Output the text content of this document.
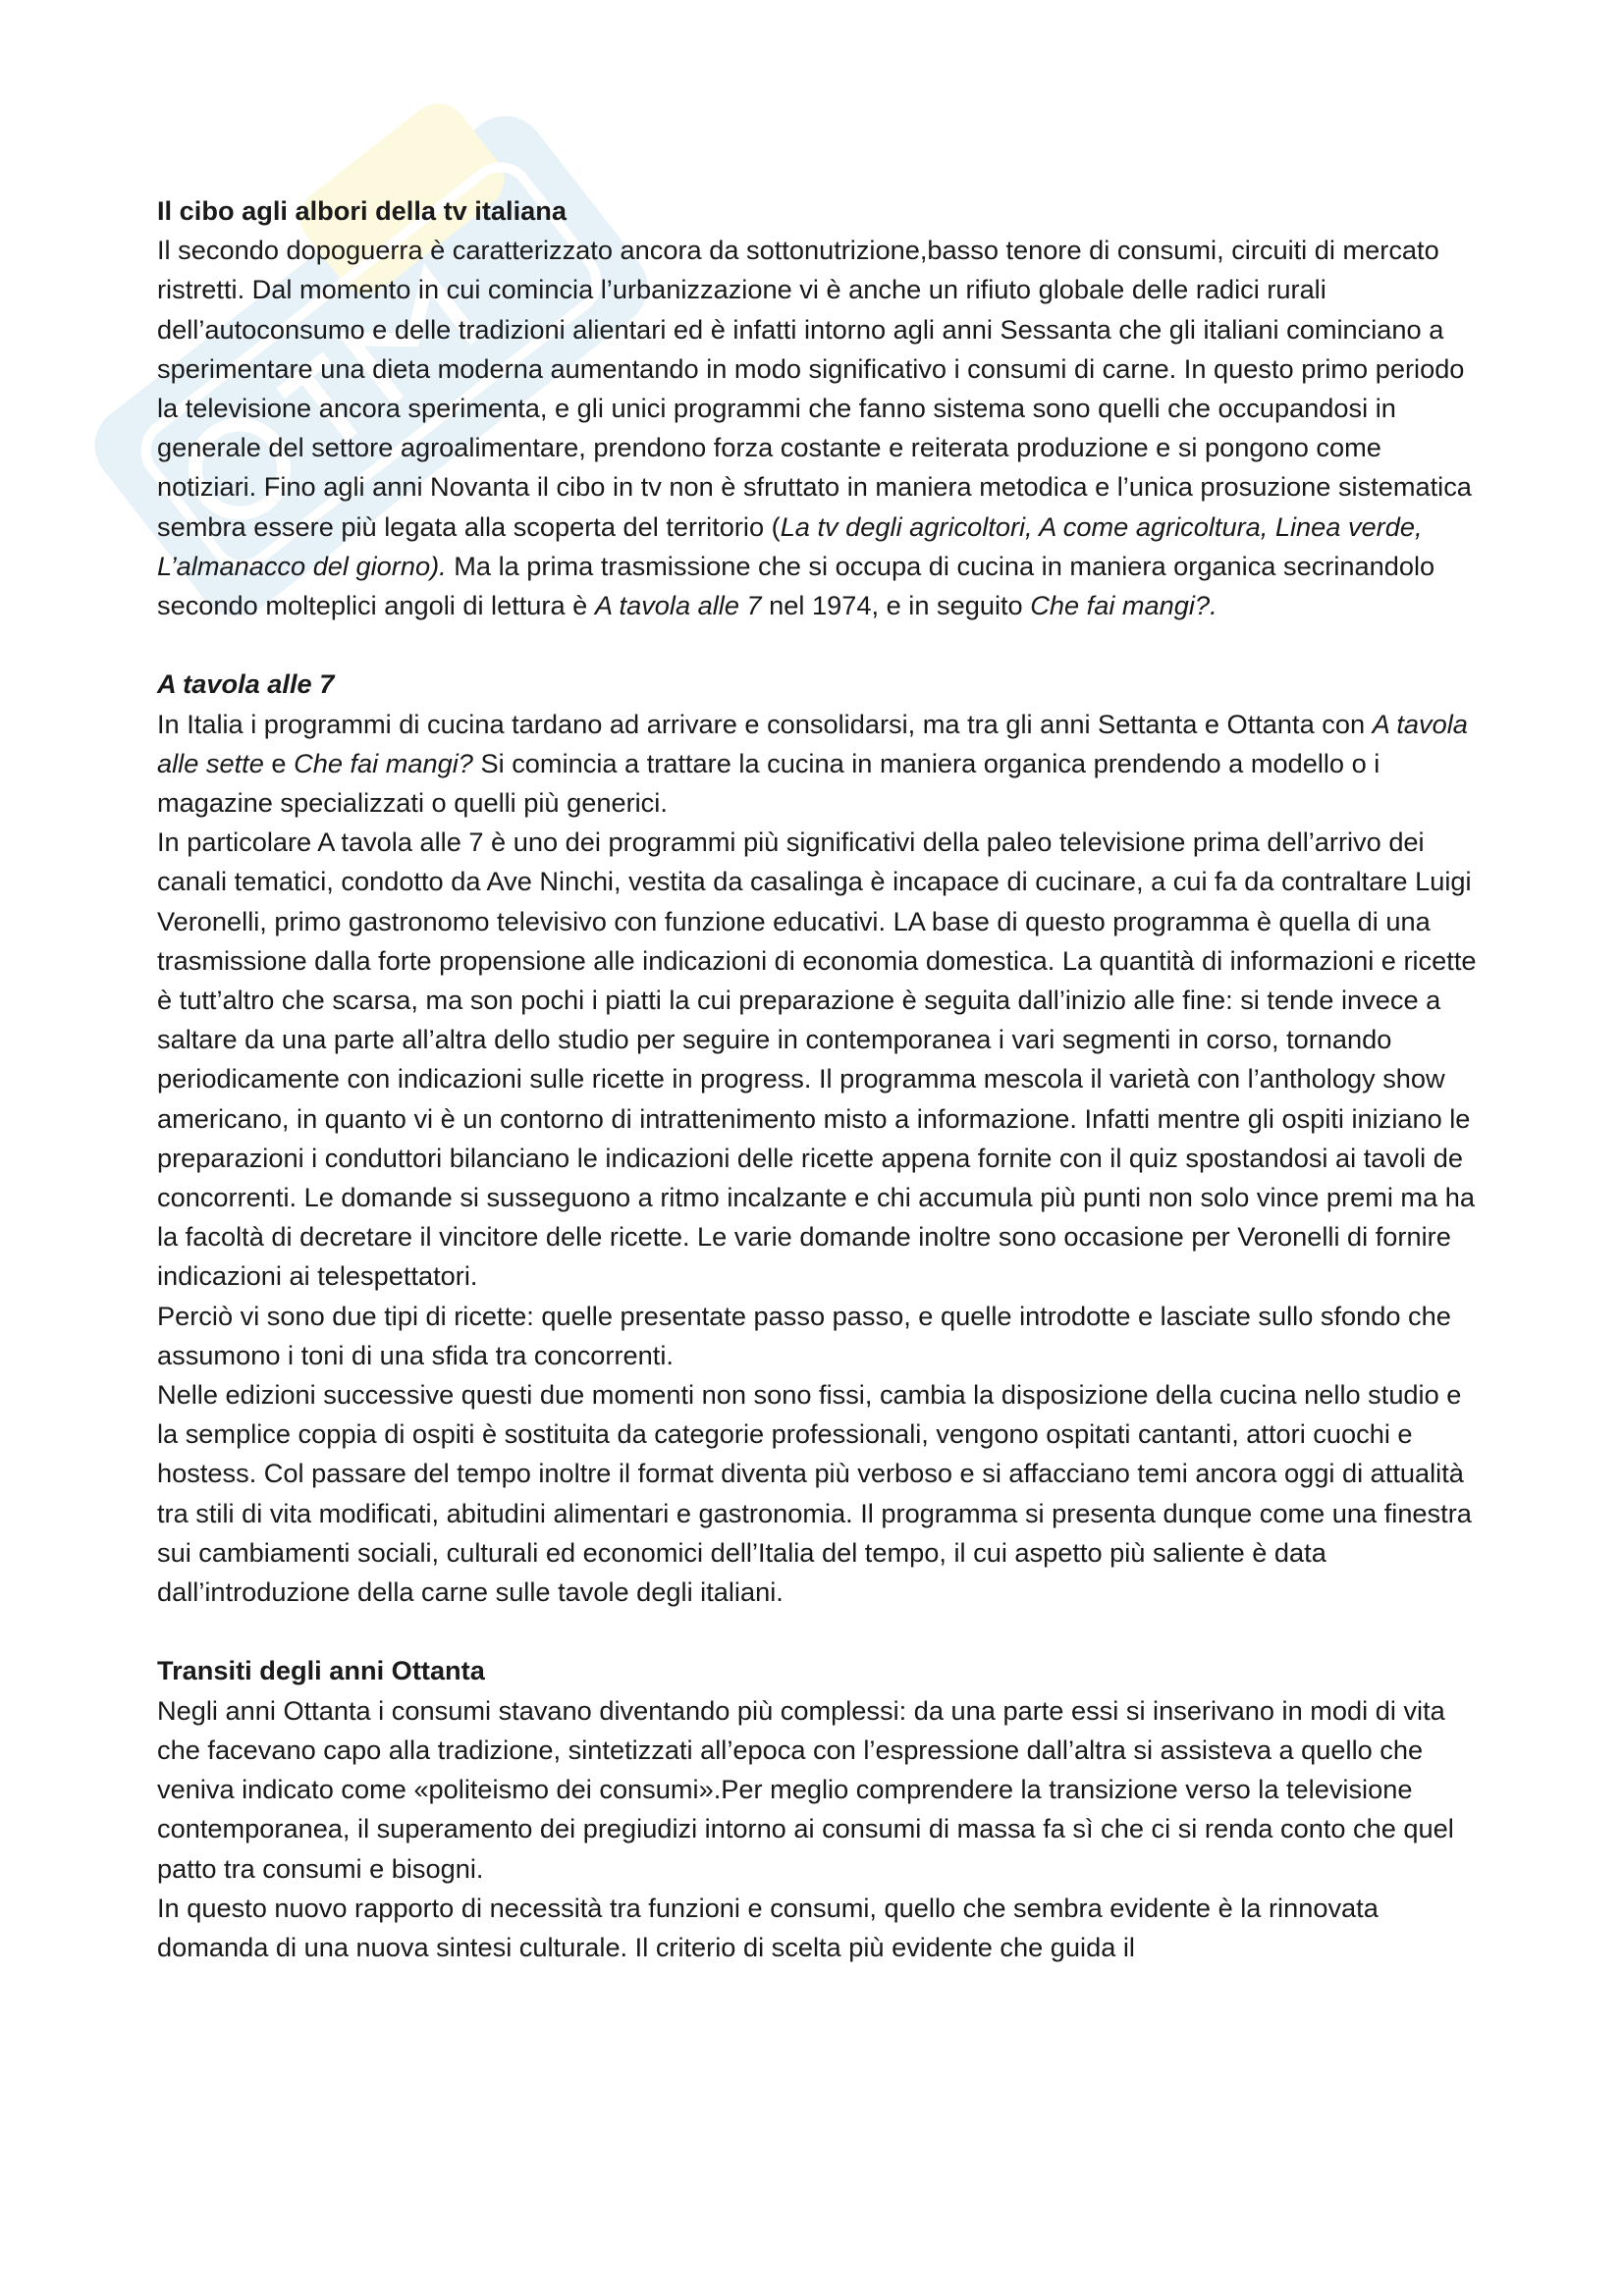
Il cibo agli albori della tv italiana

Il secondo dopoguerra è caratterizzato ancora da sottonutrizione,basso tenore di consumi, circuiti di mercato ristretti. Dal momento in cui comincia l’urbanizzazione vi è anche un rifiuto globale delle radici rurali dell’autoconsumo e delle tradizioni alientari ed è infatti intorno agli anni Sessanta che gli italiani cominciano a sperimentare una dieta moderna aumentando in modo significativo i consumi di carne. In questo primo periodo la televisione ancora sperimenta, e gli unici programmi che fanno sistema sono quelli che occupandosi in generale del settore agroalimentare, prendono forza costante e reiterata produzione e si pongono come notiziari. Fino agli anni Novanta il cibo in tv non è sfruttato in maniera metodica e l’unica prosuzione sistematica sembra essere più legata alla scoperta del territorio (La tv degli agricoltori, A come agricoltura, Linea verde, L’almanacco del giorno). Ma la prima trasmissione che si occupa di cucina in maniera organica secrinandolo secondo molteplici angoli di lettura è A tavola alle 7 nel 1974, e in seguito Che fai mangi?.

A tavola alle 7

In Italia i programmi di cucina tardano ad arrivare e consolidarsi, ma tra gli anni Settanta e Ottanta con A tavola alle sette e Che fai mangi? Si comincia a trattare la cucina in maniera organica prendendo a modello o i magazine specializzati o quelli più generici.

In particolare A tavola alle 7 è uno dei programmi più significativi della paleo televisione prima dell’arrivo dei canali tematici, condotto da Ave Ninchi, vestita da casalinga è incapace di cucinare, a cui fa da contraltare Luigi Veronelli, primo gastronomo televisivo con funzione educativi. LA base di questo programma è quella di una trasmissione dalla forte propensione alle indicazioni di economia domestica. La quantità di informazioni e ricette è tutt’altro che scarsa, ma son pochi i piatti la cui preparazione è seguita dall’inizio alle fine: si tende invece a saltare da una parte all’altra dello studio per seguire in contemporanea i vari segmenti in corso, tornando periodicamente con indicazioni sulle ricette in progress. Il programma mescola il varietà con l’anthology show americano, in quanto vi è un contorno di intrattenimento misto a informazione. Infatti mentre gli ospiti iniziano le preparazioni i conduttori bilanciano le indicazioni delle ricette appena fornite con il quiz spostandosi ai tavoli de concorrenti. Le domande si susseguono a ritmo incalzante e chi accumula più punti non solo vince premi ma ha la facoltà di decretare il vincitore delle ricette. Le varie domande inoltre sono occasione per Veronelli di fornire indicazioni ai telespettatori.

Perciò vi sono due tipi di ricette: quelle presentate passo passo, e quelle introdotte e lasciate sullo sfondo che assumono i toni di una sfida tra concorrenti.

Nelle edizioni successive questi due momenti non sono fissi, cambia la disposizione della cucina nello studio e la semplice coppia di ospiti è sostituita da categorie professionali, vengono ospitati cantanti, attori cuochi e hostess. Col passare del tempo inoltre il format diventa più verboso e si affacciano temi ancora oggi di attualità tra stili di vita modificati, abitudini alimentari e gastronomia. Il programma si presenta dunque come una finestra sui cambiamenti sociali, culturali ed economici dell’Italia del tempo, il cui aspetto più saliente è data dall’introduzione della carne sulle tavole degli italiani.

Transiti degli anni Ottanta

Negli anni Ottanta i consumi stavano diventando più complessi: da una parte essi si inserivano in modi di vita che facevano capo alla tradizione, sintetizzati all’epoca con l’espressione dall’altra si assisteva a quello che veniva indicato come «politeismo dei consumi».Per meglio comprendere la transizione verso la televisione contemporanea, il superamento dei pregiudizi intorno ai consumi di massa fa sì che ci si renda conto che quel patto tra consumi e bisogni.

In questo nuovo rapporto di necessità tra funzioni e consumi, quello che sembra evidente è la rinnovata domanda di una nuova sintesi culturale. Il criterio di scelta più evidente che guida il
